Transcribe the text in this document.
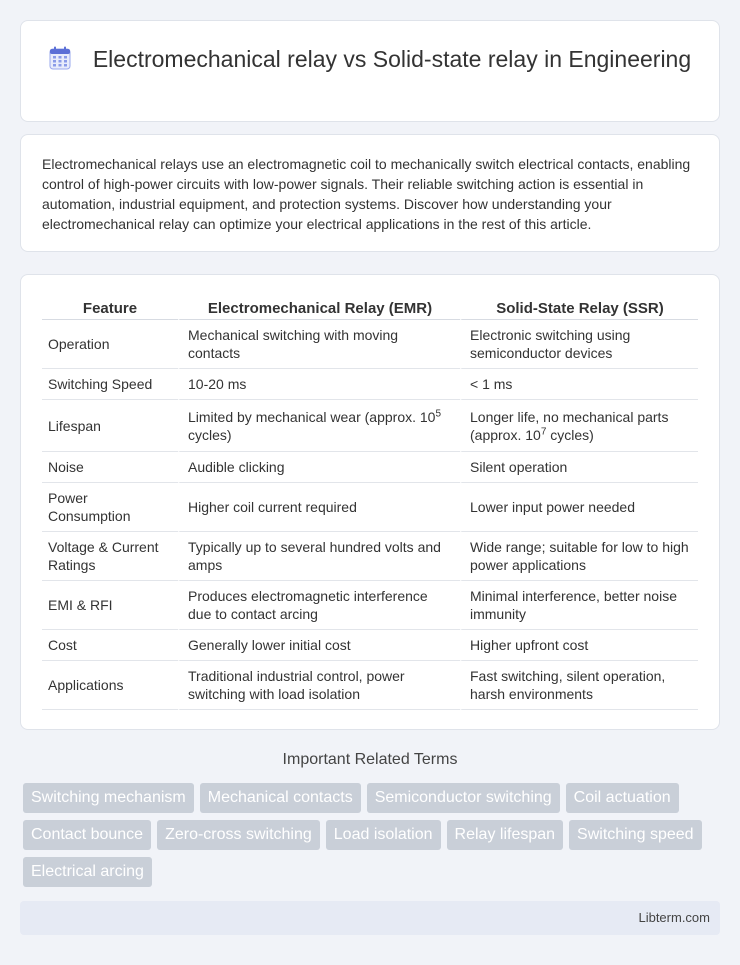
Electromechanical relay vs Solid-state relay in Engineering

Electromechanical relays use an electromagnetic coil to mechanically switch electrical contacts, enabling control of high-power circuits with low-power signals. Their reliable switching action is essential in automation, industrial equipment, and protection systems. Discover how understanding your electromechanical relay can optimize your electrical applications in the rest of this article.

Feature	Electromechanical Relay (EMR)	Solid-State Relay (SSR)
Operation	Mechanical switching with moving contacts	Electronic switching using semiconductor devices
Switching Speed	10-20 ms	< 1 ms
Lifespan	Limited by mechanical wear (approx. $10^5$ cycles)	Longer life, no mechanical parts (approx. $10^7$ cycles)
Noise	Audible clicking	Silent operation
Power Consumption	Higher coil current required	Lower input power needed
Voltage & Current Ratings	Typically up to several hundred volts and amps	Wide range; suitable for low to high power applications
EMI & RFI	Produces electromagnetic interference due to contact arcing	Minimal interference, better noise immunity
Cost	Generally lower initial cost	Higher upfront cost
Applications	Traditional industrial control, power switching with load isolation	Fast switching, silent operation, harsh environments
Important Related Terms
Switching mechanism	Mechanical contacts	Semiconductor switching	Coil actuation
Contact bounce	Zero-cross switching	Load isolation	Relay lifespan	Switching speed
Electrical arcing
Libterm.com
